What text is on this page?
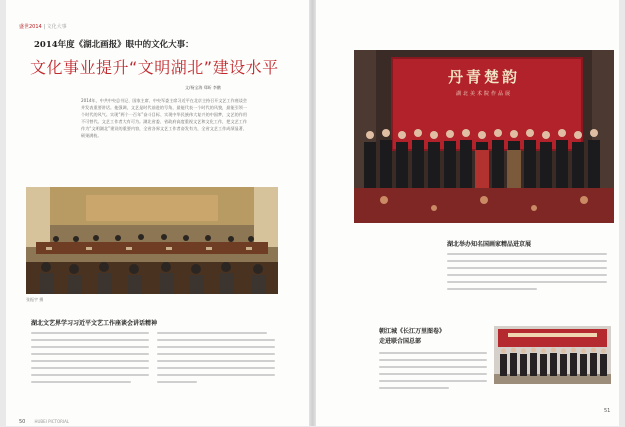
盛世2014 | 文化大事
2014年度《湖北画报》眼中的文化大事：
文化事业提升“文明湖北”建设水平
文/杨宝海 郑昕 李鹏
2014年，中共中央总书记、国家主席、中央军委主席习近平在北京主持召开文艺工作座谈会并发表重要讲话。他强调，文艺是时代前进的号角，最能代表一个时代的风貌，最能引领一个时代的风气。实现“两个一百年”奋斗目标、实现中华民族伟大复兴的中国梦，文艺的作用不可替代。文艺工作者大有可为。湖北省委、省政府高度重视文艺和文化工作，把文艺工作作为“文明湖北”建设的重要内容，全省各界文艺工作者奋发有为，全省文艺工作成绩显著、硕果满枝。
张振宇 摄
湖北文艺界学习习近平文艺工作座谈会讲话精神
50 HUBEI PICTORIAL
丹青楚韵
湖北美术院作品展
湖北举办知名国画家精品进京展
朝江城《长江万里图卷》
走进联合国总部
51
